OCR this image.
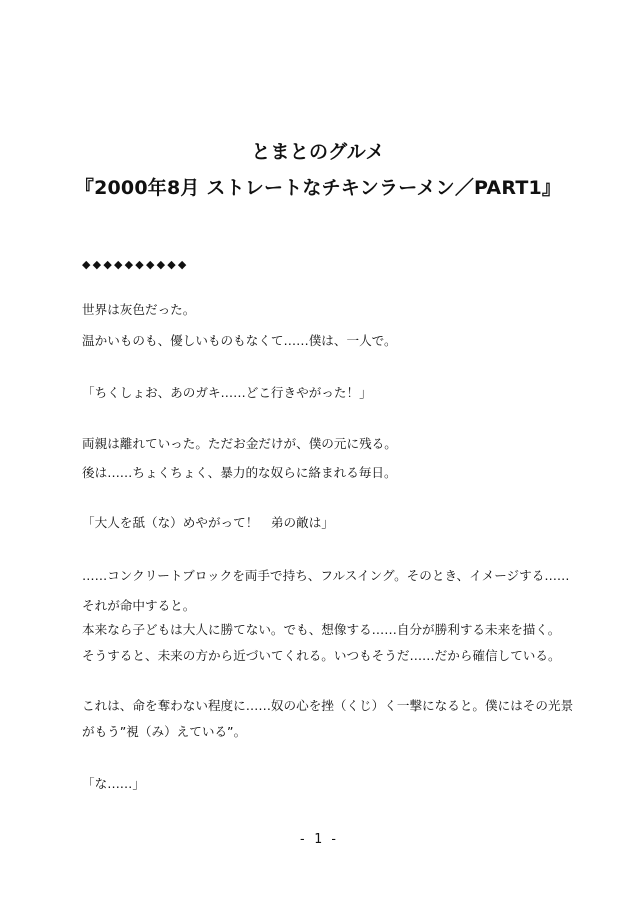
とまとのグルメ
『2000年8月 ストレートなチキンラーメン／PART1』
◆◆◆◆◆◆◆◆◆◆
世界は灰色だった。
温かいものも、優しいものもなくて……僕は、一人で。
「ちくしょお、あのガキ……どこ行きやがった！」
両親は離れていった。ただお金だけが、僕の元に残る。
後は……ちょくちょく、暴力的な奴らに絡まれる毎日。
「大人を舐（な）めやがって！　弟の敵は」
……コンクリートブロックを両手で持ち、フルスイング。そのとき、イメージする……
それが命中すると。
本来なら子どもは大人に勝てない。でも、想像する……自分が勝利する未来を描く。
そうすると、未来の方から近づいてくれる。いつもそうだ……だから確信している。
これは、命を奪わない程度に……奴の心を挫（くじ）く一撃になると。僕にはその光景
がもう”視（み）えている”。
「な……」
- 1 -
